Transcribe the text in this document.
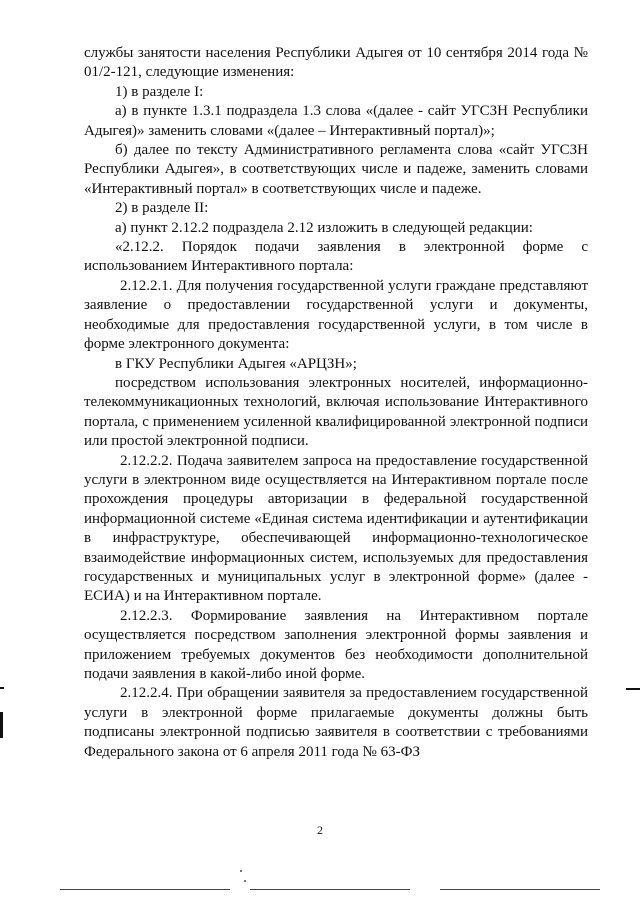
службы занятости населения Республики Адыгея от 10 сентября 2014 года № 01/2-121, следующие изменения:

1) в разделе I:

а) в пункте 1.3.1 подраздела 1.3 слова «(далее - сайт УГСЗН Республики Адыгея)» заменить словами «(далее – Интерактивный портал)»;

б) далее по тексту Административного регламента слова «сайт УГСЗН Республики Адыгея», в соответствующих числе и падеже, заменить словами «Интерактивный портал» в соответствующих числе и падеже.

2) в разделе II:

а) пункт 2.12.2 подраздела 2.12 изложить в следующей редакции:

«2.12.2. Порядок подачи заявления в электронной форме с использованием Интерактивного портала:

2.12.2.1. Для получения государственной услуги граждане представляют заявление о предоставлении государственной услуги и документы, необходимые для предоставления государственной услуги, в том числе в форме электронного документа:

в ГКУ Республики Адыгея «АРЦЗН»;

посредством использования электронных носителей, информационно-телекоммуникационных технологий, включая использование Интерактивного портала, с применением усиленной квалифицированной электронной подписи или простой электронной подписи.

2.12.2.2. Подача заявителем запроса на предоставление государственной услуги в электронном виде осуществляется на Интерактивном портале после прохождения процедуры авторизации в федеральной государственной информационной системе «Единая система идентификации и аутентификации в инфраструктуре, обеспечивающей информационно-технологическое взаимодействие информационных систем, используемых для предоставления государственных и муниципальных услуг в электронной форме» (далее - ЕСИА) и на Интерактивном портале.

2.12.2.3. Формирование заявления на Интерактивном портале осуществляется посредством заполнения электронной формы заявления и приложением требуемых документов без необходимости дополнительной подачи заявления в какой-либо иной форме.

2.12.2.4. При обращении заявителя за предоставлением государственной услуги в электронной форме прилагаемые документы должны быть подписаны электронной подписью заявителя в соответствии с требованиями Федерального закона от 6 апреля 2011 года № 63-ФЗ

2
